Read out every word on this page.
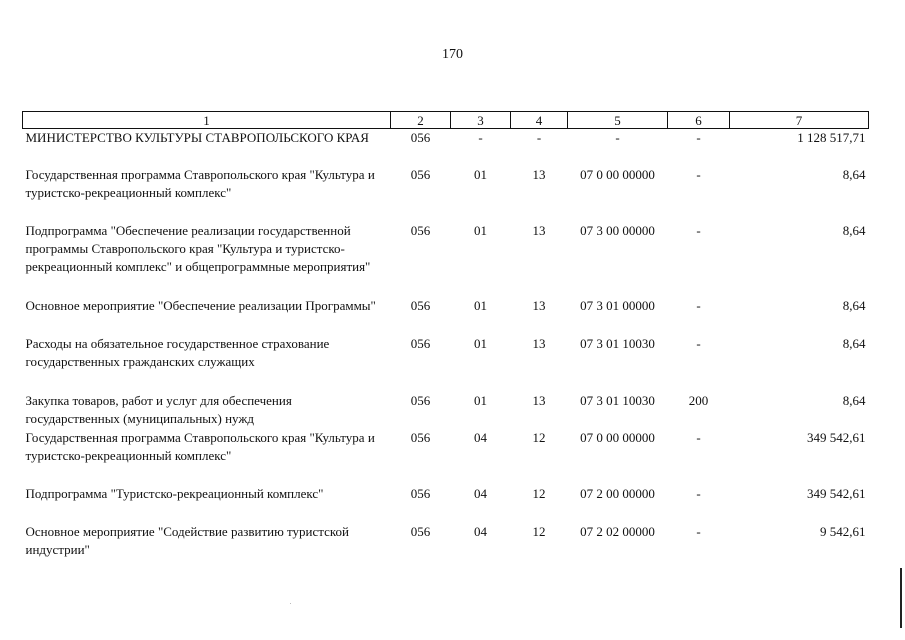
170
1	2	3	4	5	6	7
МИНИСТЕРСТВО КУЛЬТУРЫ СТАВРОПОЛЬСКОГО КРАЯ	056	-	-	-	-	1 128 517,71
Государственная программа Ставропольского края "Культура и туристско-рекреационный комплекс"	056	01	13	07 0 00 00000	-	8,64
Подпрограмма "Обеспечение реализации государственной программы Ставропольского края "Культура и туристско-рекреационный комплекс" и общепрограммные мероприятия"	056	01	13	07 3 00 00000	-	8,64
Основное мероприятие "Обеспечение реализации Программы"	056	01	13	07 3 01 00000	-	8,64
Расходы на обязательное государственное страхование государственных гражданских служащих	056	01	13	07 3 01 10030	-	8,64
Закупка товаров, работ и услуг для обеспечения государственных (муниципальных) нужд	056	01	13	07 3 01 10030	200	8,64
Государственная программа Ставропольского края "Культура и туристско-рекреационный комплекс"	056	04	12	07 0 00 00000	-	349 542,61
Подпрограмма "Туристско-рекреационный комплекс"	056	04	12	07 2 00 00000	-	349 542,61
Основное мероприятие "Содействие развитию туристской индустрии"	056	04	12	07 2 02 00000	-	9 542,61
